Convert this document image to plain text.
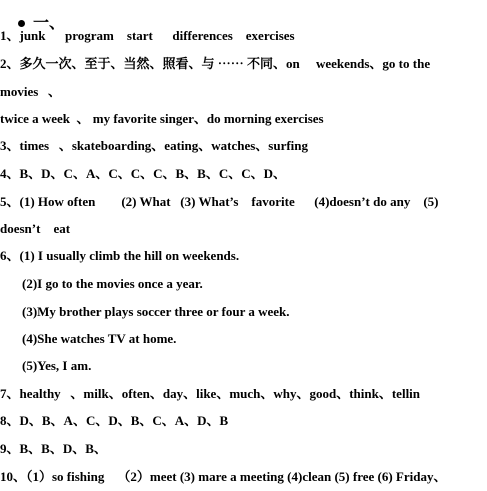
一、

1、junk      program    start      differences    exercises
2、多久一次、至于、当然、照看、与 ⋯⋯ 不同、on     weekends、go to the
movies   、
twice a week  、 my favorite singer、do morning exercises
3、times   、skateboarding、eating、watches、surfing
4、B、D、C、A、C、C、C、B、B、C、C、D、
5、(1) How often        (2) What   (3) What’s    favorite      (4)doesn’t do any    (5)
doesn’t    eat
6、(1) I usually climb the hill on weekends.
(2)I go to the movies once a year.
(3)My brother plays soccer three or four a week.
(4)She watches TV at home.
(5)Yes, I am.
7、healthy   、milk、often、day、like、much、why、good、think、tellin
8、D、B、A、C、D、B、C、A、D、B
9、B、B、D、B、
10、（1）so fishing    （2）meet (3) mare a meeting (4)clean (5) free (6) Friday、
